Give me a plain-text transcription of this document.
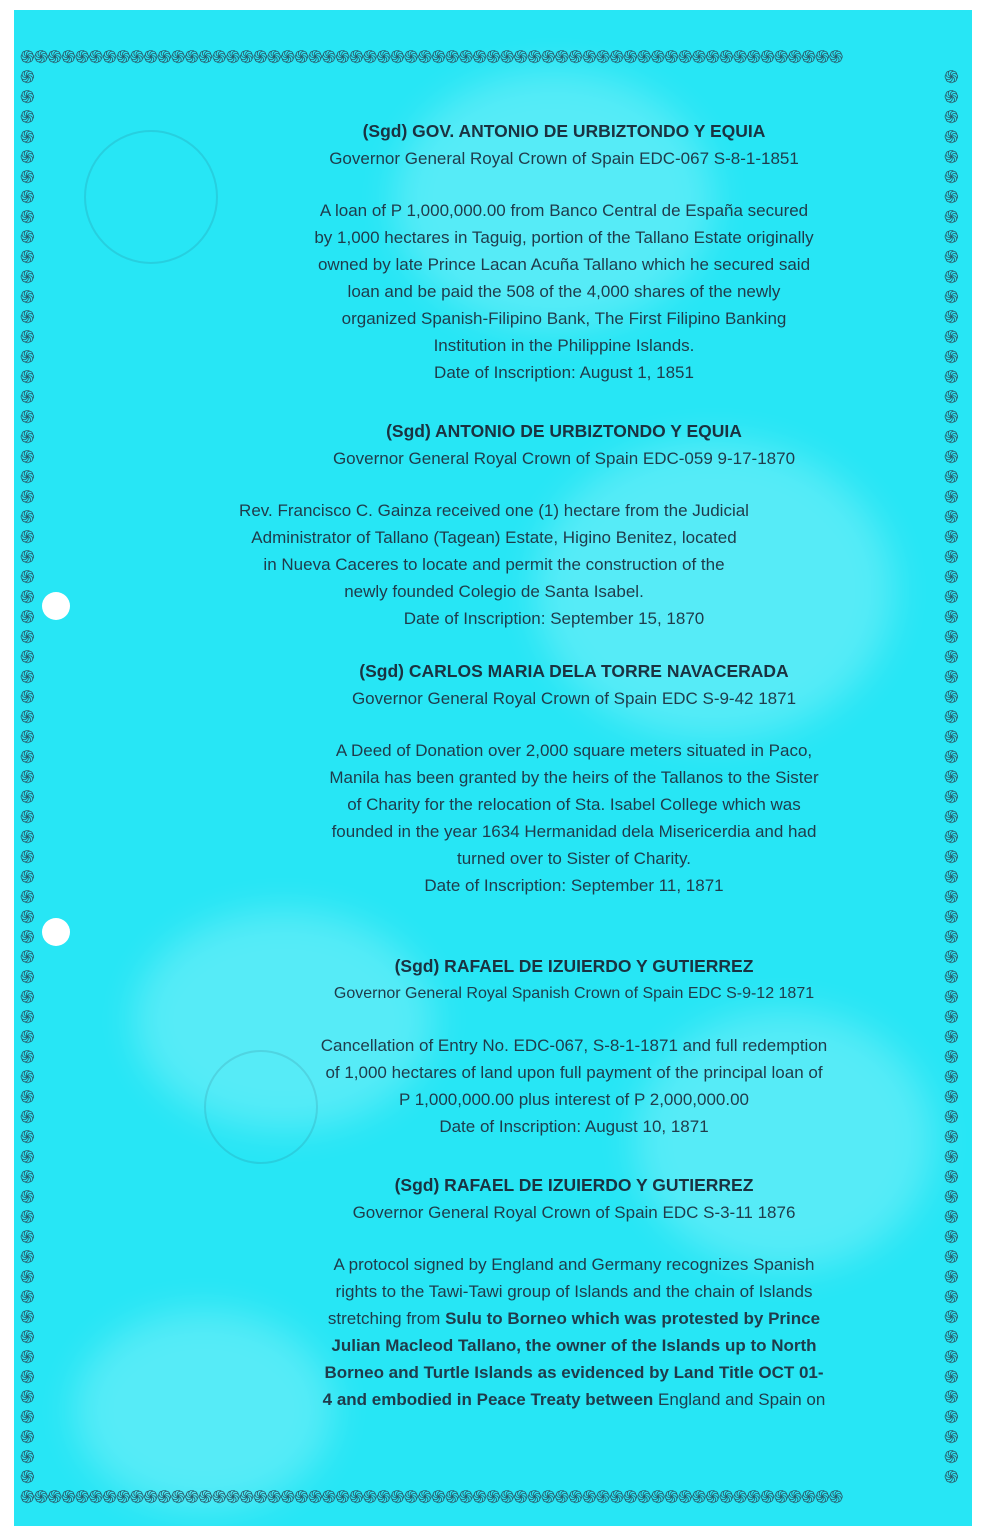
֍֍֍֍֍֍֍֍֍֍֍֍֍֍֍֍֍֍֍֍֍֍֍֍֍֍֍֍֍֍֍֍֍֍֍֍֍֍֍֍֍֍֍֍֍֍֍֍֍֍֍֍֍֍֍֍֍֍֍֍
֍֍֍֍֍֍֍֍֍֍֍֍֍֍֍֍֍֍֍֍֍֍֍֍֍֍֍֍֍֍֍֍֍֍֍֍֍֍֍֍֍֍֍֍֍֍֍֍֍֍֍֍֍֍֍֍֍֍֍֍
֍֍֍֍֍֍֍֍֍֍֍֍֍֍֍֍֍֍֍֍֍֍֍֍֍֍֍֍֍֍֍֍֍֍֍֍֍֍֍֍֍֍֍֍֍֍֍֍֍֍֍֍֍֍֍֍֍֍֍֍֍֍֍֍֍֍֍֍֍֍֍
֍֍֍֍֍֍֍֍֍֍֍֍֍֍֍֍֍֍֍֍֍֍֍֍֍֍֍֍֍֍֍֍֍֍֍֍֍֍֍֍֍֍֍֍֍֍֍֍֍֍֍֍֍֍֍֍֍֍֍֍֍֍֍֍֍֍֍֍֍֍֍

(Sgd) GOV. ANTONIO DE URBIZTONDO Y EQUIA

Governor General Royal Crown of Spain EDC-067 S-8-1-1851

A loan of P 1,000,000.00 from Banco Central de España secured

by 1,000 hectares in Taguig, portion of the Tallano Estate originally

owned by late Prince Lacan Acuña Tallano which he secured said

loan and be paid the 508 of the 4,000 shares of the newly

organized Spanish-Filipino Bank, The First Filipino Banking

Institution in the Philippine Islands.

Date of Inscription: August 1, 1851

(Sgd) ANTONIO DE URBIZTONDO Y EQUIA

Governor General Royal Crown of Spain EDC-059 9-17-1870

Rev. Francisco C. Gainza received one (1) hectare from the Judicial

Administrator of Tallano (Tagean) Estate, Higino Benitez, located

in Nueva Caceres to locate and permit the construction of the

newly founded Colegio de Santa Isabel.

Date of Inscription: September 15, 1870

(Sgd) CARLOS MARIA DELA TORRE NAVACERADA

Governor General Royal Crown of Spain EDC S-9-42 1871

A Deed of Donation over 2,000 square meters situated in Paco,

Manila has been granted by the heirs of the Tallanos to the Sister

of Charity for the relocation of Sta. Isabel College which was

founded in the year 1634 Hermanidad dela Misericerdia and had

turned over to Sister of Charity.

Date of Inscription: September 11, 1871

(Sgd) RAFAEL DE IZUIERDO Y GUTIERREZ

Governor General Royal Spanish Crown of Spain EDC S-9-12 1871

Cancellation of Entry No. EDC-067, S-8-1-1871 and full redemption

of 1,000 hectares of land upon full payment of the principal loan of

P 1,000,000.00 plus interest of P 2,000,000.00

Date of Inscription: August 10, 1871

(Sgd) RAFAEL DE IZUIERDO Y GUTIERREZ

Governor General Royal Crown of Spain EDC S-3-11 1876

A protocol signed by England and Germany recognizes Spanish

rights to the Tawi-Tawi group of Islands and the chain of Islands

stretching from Sulu to Borneo which was protested by Prince

Julian Macleod Tallano, the owner of the Islands up to North

Borneo and Turtle Islands as evidenced by Land Title OCT 01-

4 and embodied in Peace Treaty between England and Spain on
